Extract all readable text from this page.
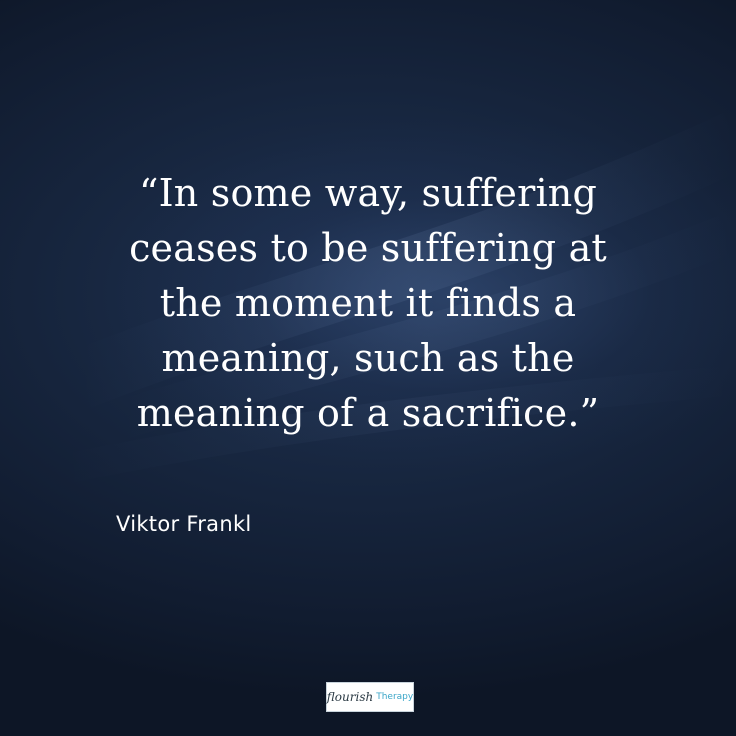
“In some way, suffering
ceases to be suffering at
the moment it finds a
meaning, such as the
meaning of a sacrifice.”

Viktor Frankl

flourish Therapy
